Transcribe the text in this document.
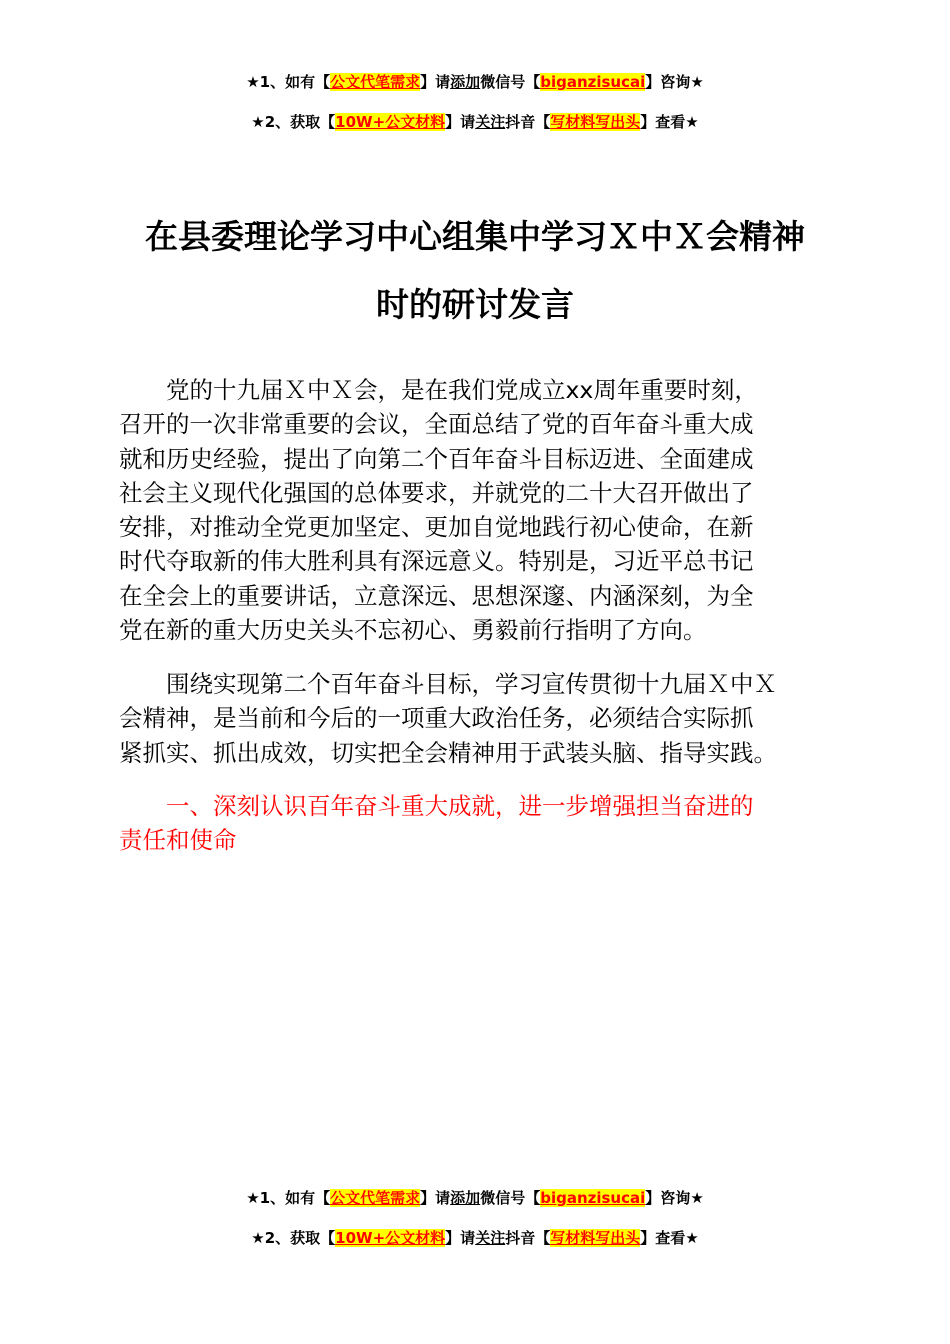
★1、如有【公文代笔需求】请添加微信号【biganzisucai】咨询★
★2、获取【10W+公文材料】请关注抖音【写材料写出头】查看★
在县委理论学习中心组集中学习Ｘ中Ｘ会精神
时的研讨发言
党的十九届Ｘ中Ｘ会，是在我们党成立xx周年重要时刻，
召开的一次非常重要的会议，全面总结了党的百年奋斗重大成
就和历史经验，提出了向第二个百年奋斗目标迈进、全面建成
社会主义现代化强国的总体要求，并就党的二十大召开做出了
安排，对推动全党更加坚定、更加自觉地践行初心使命，在新
时代夺取新的伟大胜利具有深远意义。特别是，习近平总书记
在全会上的重要讲话，立意深远、思想深邃、内涵深刻，为全
党在新的重大历史关头不忘初心、勇毅前行指明了方向。
围绕实现第二个百年奋斗目标，学习宣传贯彻十九届Ｘ中Ｘ
会精神，是当前和今后的一项重大政治任务，必须结合实际抓
紧抓实、抓出成效，切实把全会精神用于武装头脑、指导实践。
一、深刻认识百年奋斗重大成就，进一步增强担当奋进的
责任和使命
★1、如有【公文代笔需求】请添加微信号【biganzisucai】咨询★
★2、获取【10W+公文材料】请关注抖音【写材料写出头】查看★
